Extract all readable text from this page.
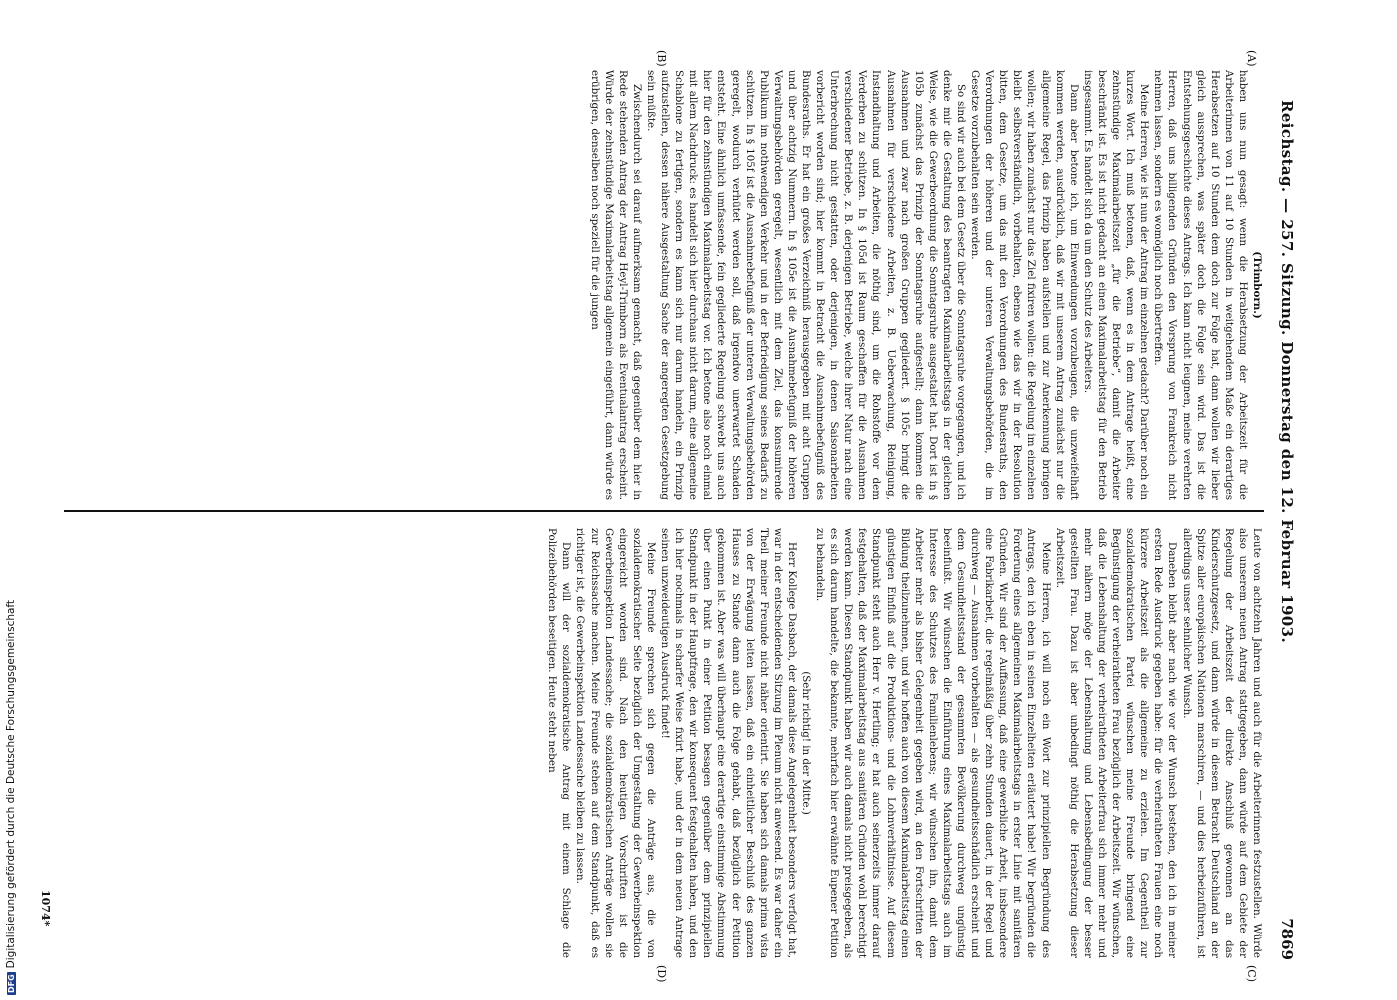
DFGDigitalisierung gefördert durch die Deutsche Forschungsgemeinschaft
Reichstag. — 257. Sitzung. Donnerstag den 12. Februar 1903.
7869
(A)
(B)
(C)
(D)

(Trimborn.)

haben uns nun gesagt: wenn die Herabsetzung der Arbeitszeit für die Arbeiterinnen von 11 auf 10 Stunden in weitgehendem Maße ein derartiges Herabsetzen auf 10 Stunden dem doch zur Folge hat, dann wollen wir lieber gleich aussprechen, was später doch die Folge sein wird. Das ist die Entstehungsgeschichte dieses Antrags. Ich kann nicht leugnen, meine verehrten Herren, daß uns billigenden Gründen den Vorsprung von Frankreich nicht nehmen lassen, sondern es womöglich noch übertreffen.

Meine Herren, wie ist nun der Antrag im einzelnen gedacht? Darüber noch ein kurzes Wort. Ich muß betonen, daß, wenn es in dem Antrage heißt, eine zehnstündige Maximalarbeitszeit „für die Betriebe“, damit die Arbeiter beschränkt ist. Es ist nicht gedacht an einen Maximalarbeitstag für den Betrieb insgesammt. Es handelt sich da um den Schutz des Arbeiters.

Dann aber betone ich, um Einwendungen vorzubeugen, die unzweifelhaft kommen werden, ausdrücklich, daß wir mit unserem Antrag zunächst nur die allgemeine Regel, das Prinzip haben aufstellen und zur Anerkennung bringen wollen; wir haben zunächst nur das Ziel fixiren wollen: die Regelung im einzelnen bleibt selbstverständlich, vorbehalten, ebenso wie das wir in der Resolution bitten, dem Gesetze, um das mit den Verordnungen des Bundesraths, den Verordnungen der höheren und der unteren Verwaltungsbehörden, die im Gesetze vorzubehalten sein werden.

So sind wir auch bei dem Gesetz über die Sonntagsruhe vorgegangen, und ich denke mir die Gestaltung des beantragten Maximalarbeitstags in der gleichen Weise, wie die Gewerbeordnung die Sonntagsruhe ausgestaltet hat. Dort ist in § 105b zunächst das Prinzip der Sonntagsruhe aufgestellt; dann kommen die Ausnahmen und zwar nach großen Gruppen gegliedert. § 105c bringt die Ausnahmen für verschiedene Arbeiten, z. B. Ueberwachung, Reinigung, Instandhaltung und Arbeiten, die nöthig sind, um die Rohstoffe vor dem Verderben zu schützen. In § 105d ist Raum geschaffen für die Ausnahmen verschiedener Betriebe, z. B. derjenigen Betriebe, welche ihrer Natur nach eine Unterbrechung nicht gestatten, oder derjenigen, in denen Saisonarbeiten vorbericht worden sind; hier kommt in Betracht die Ausnahmebefugniß des Bundesraths. Er hat ein großes Verzeichniß herausgegeben mit acht Gruppen und über achtzig Nummern. In § 105e ist die Ausnahmebefugniß der höheren Verwaltungsbehörden geregelt, wesentlich mit dem Ziel, das konsumirende Publikum im nothwendigen Verkehr und in der Befriedigung seines Bedarfs zu schützen. In § 105f ist die Ausnahmebefugniß der unteren Verwaltungsbehörden geregelt, wodurch verhütet werden soll, daß irgendwo unerwartet Schaden entsteht. Eine ähnlich umfassende, fein gegliederte Regelung schwebt uns auch hier für den zehnstündigen Maximalarbeitstag vor. Ich betone also noch einmal mit allem Nachdruck: es handelt sich hier durchaus nicht darum, eine allgemeine Schablone zu fertigen, sondern es kann sich nur darum handeln, ein Prinzip aufzustellen, dessen nähere Ausgestaltung Sache der angeregten Gesetzgebung sein müßte.

Zwischendurch sei darauf aufmerksam gemacht, daß gegenüber dem hier in Rede stehenden Antrag der Antrag Heyl-Trimborn als Eventualantrag erscheint. Würde der zehnstündige Maximalarbeitstag allgemein eingeführt, dann würde es erübrigen, denselben noch speziell für die jungen

Leute von achtzehn Jahren und auch für die Arbeiterinnen festzustellen. Würde also unserem neuen Antrag stattgegeben, dann würde auf dem Gebiete der Regelung der Arbeitszeit der direkte Anschluß gewonnen an das Kinderschutzgesetz, und dann würde in diesem Betracht Deutschland an der Spitze aller europäischen Nationen marschiren, — und dies herbeizuführen, ist allerdings unser sehnlicher Wunsch.

Daneben bleibt aber nach wie vor der Wunsch bestehen, den ich in meiner ersten Rede Ausdruck gegeben habe: für die verheiratheten Frauen eine noch kürzere Arbeitszeit als die allgemeine zu erzielen. Im Gegentheil zur sozialdemokratischen Partei wünschen meine Freunde bringend eine Begünstigung der verheiratheten Frau bezüglich der Arbeitszeit. Wir wünschen, daß die Lebenshaltung der verheiratheten Arbeiterfrau sich immer mehr und mehr nähern möge der Lebenshaltung und Lebensbedingung der besser gestellten Frau. Dazu ist aber unbedingt nöthig die Herabsetzung dieser Arbeitszeit.

Meine Herren, ich will noch ein Wort zur prinzipiellen Begründung des Antrags, den ich eben in seinen Einzelheiten erläutert habe! Wir begründen die Forderung eines allgemeinen Maximalarbeitstags in erster Linie mit sanitären Gründen. Wir sind der Auffassung, daß eine gewerbliche Arbeit, insbesondere eine Fabrikarbeit, die regelmäßig über zehn Stunden dauert, in der Regel und durchweg — Ausnahmen vorbehalten — als gesundheitsschädlich erscheint und dem Gesundheitsstand der gesammten Bevölkerung durchweg ungünstig beeinflußt. Wir wünschen die Einführung eines Maximalarbeitstags auch im Interesse des Schutzes des Familienlebens; wir wünschen ihn, damit dem Arbeiter mehr als bisher Gelegenheit gegeben wird, an den Fortschritten der Bildung theilzunehmen, und wir hoffen auch von diesem Maximalarbeitstag einen günstigen Einfluß auf die Produktions- und die Lohnverhältnisse. Auf diesem Standpunkt steht auch Herr v. Hertling; er hat auch seinerzeits immer darauf festgehalten, daß der Maximalarbeitstag aus sanitären Gründen wohl berechtigt werden kann. Diesen Standpunkt haben wir auch damals nicht preisgegeben, als es sich darum handelte, die bekannte, mehrfach hier erwähnte Eupener Petition zu behandeln.

(Sehr richtig! in der Mitte.)

Herr Kollege Dasbach, der damals diese Angelegenheit besonders verfolgt hat, war in der entscheidenden Sitzung im Plenum nicht anwesend. Es war daher ein Theil meiner Freunde nicht näher orientirt. Sie haben sich damals prima vista von der Erwägung leiten lassen, daß ein einheitlicher Beschluß des ganzen Hauses zu Stande dann auch die Folge gehabt, daß bezüglich der Petition gekommen ist. Aber was will überhaupt eine derartige einstimmige Abstimmung über einen Punkt in einer Petition besagen gegenüber dem prinzipiellen Standpunkt in der Hauptfrage, den wir konsequent festgehalten haben, und den ich hier nochmals in scharfer Weise fixirt habe, und der in dem neuen Antrage seinen unzweideutigen Ausdruck findet!

Meine Freunde sprechen sich gegen die Anträge aus, die von sozialdemokratischer Seite bezüglich der Umgestaltung der Gewerbeinspektion eingereicht worden sind. Nach den heutigen Vorschriften ist die Gewerbeinspektion Landessache; die sozialdemokratischen Anträge wollen sie zur Reichssache machen. Meine Freunde stehen auf dem Standpunkt, daß es richtiger ist, die Gewerbeinspektion Landessache bleiben zu lassen.

Dann will der sozialdemokratische Antrag mit einem Schlage die Polizeibehörden beseitigen. Heute steht neben

1074*
